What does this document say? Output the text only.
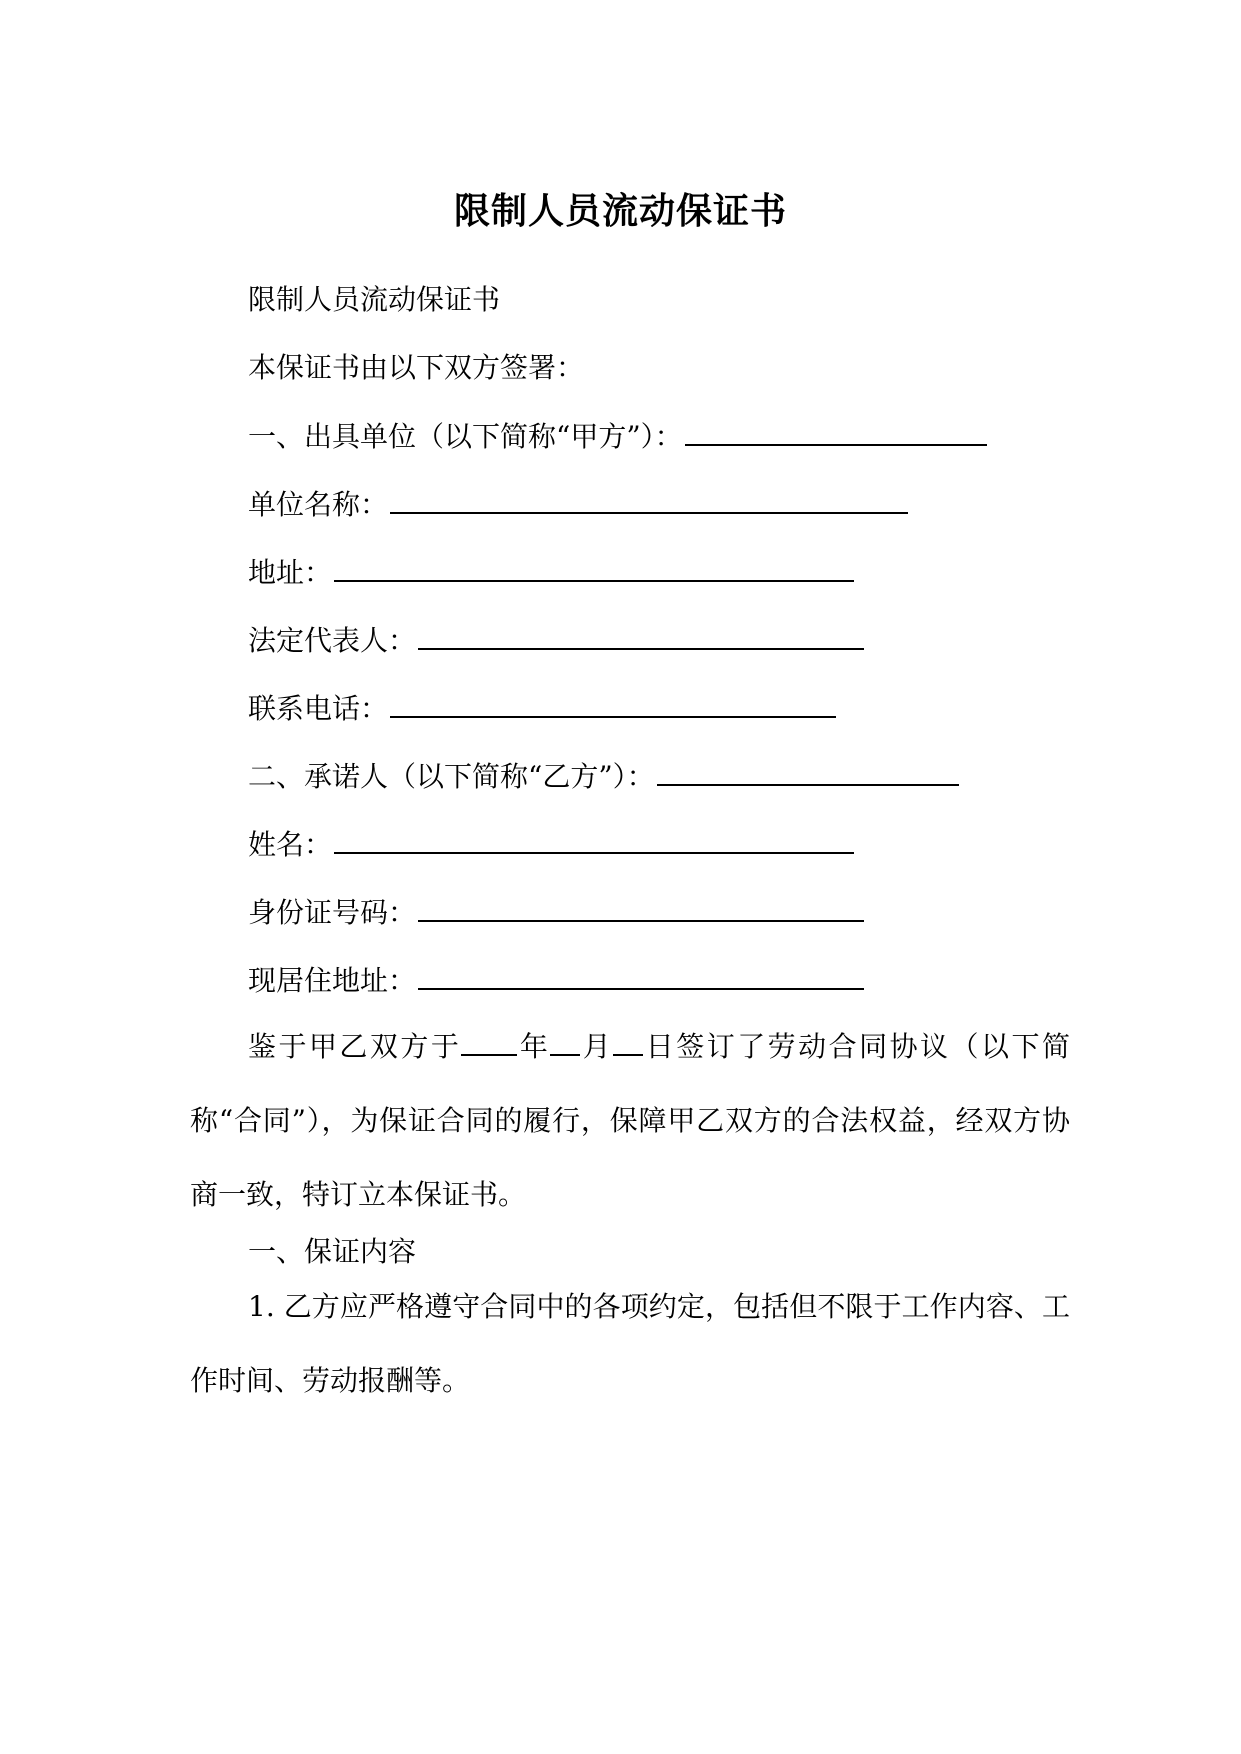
限制人员流动保证书
限制人员流动保证书
本保证书由以下双方签署：
一、出具单位（以下简称“甲方”）：
单位名称：
地址：
法定代表人：
联系电话：
二、承诺人（以下简称“乙方”）：
姓名：
身份证号码：
现居住地址：
鉴于甲乙双方于 年 月 日签订了劳动合同协议（以下简称“合同”），为保证合同的履行，保障甲乙双方的合法权益，经双方协商一致，特订立本保证书。
一、保证内容
1. 乙方应严格遵守合同中的各项约定，包括但不限于工作内容、工作时间、劳动报酬等。
